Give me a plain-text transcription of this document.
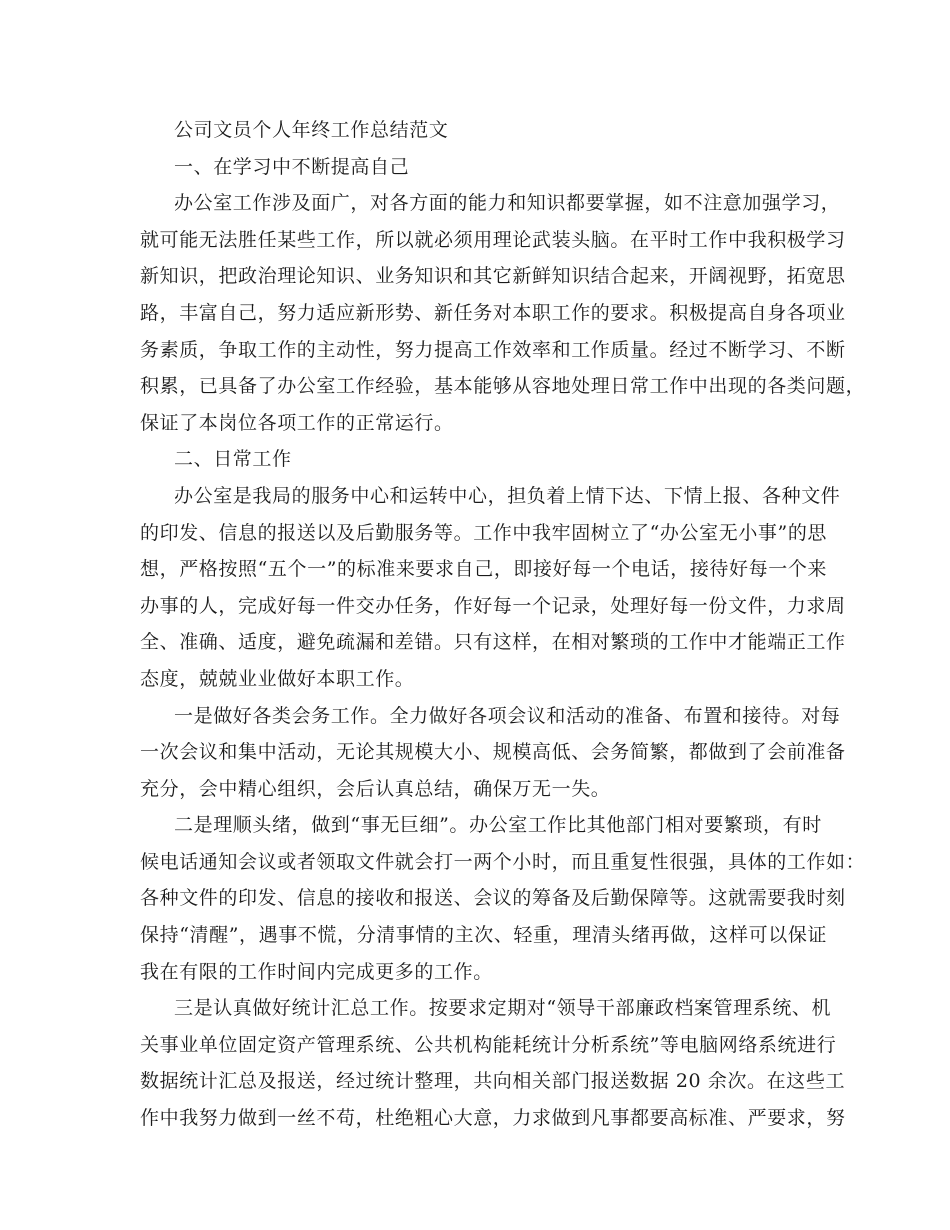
公司文员个人年终工作总结范文
一、在学习中不断提高自己
办公室工作涉及面广，对各方面的能力和知识都要掌握，如不注意加强学习，
就可能无法胜任某些工作，所以就必须用理论武装头脑。在平时工作中我积极学习
新知识，把政治理论知识、业务知识和其它新鲜知识结合起来，开阔视野，拓宽思
路，丰富自己，努力适应新形势、新任务对本职工作的要求。积极提高自身各项业
务素质，争取工作的主动性，努力提高工作效率和工作质量。经过不断学习、不断
积累，已具备了办公室工作经验，基本能够从容地处理日常工作中出现的各类问题，
保证了本岗位各项工作的正常运行。
二、日常工作
办公室是我局的服务中心和运转中心，担负着上情下达、下情上报、各种文件
的印发、信息的报送以及后勤服务等。工作中我牢固树立了“办公室无小事”的思
想，严格按照“五个一”的标准来要求自己，即接好每一个电话，接待好每一个来
办事的人，完成好每一件交办任务，作好每一个记录，处理好每一份文件，力求周
全、准确、适度，避免疏漏和差错。只有这样，在相对繁琐的工作中才能端正工作
态度，兢兢业业做好本职工作。
一是做好各类会务工作。全力做好各项会议和活动的准备、布置和接待。对每
一次会议和集中活动，无论其规模大小、规模高低、会务简繁，都做到了会前准备
充分，会中精心组织，会后认真总结，确保万无一失。
二是理顺头绪，做到“事无巨细”。办公室工作比其他部门相对要繁琐，有时
候电话通知会议或者领取文件就会打一两个小时，而且重复性很强，具体的工作如：
各种文件的印发、信息的接收和报送、会议的筹备及后勤保障等。这就需要我时刻
保持“清醒”，遇事不慌，分清事情的主次、轻重，理清头绪再做，这样可以保证
我在有限的工作时间内完成更多的工作。
三是认真做好统计汇总工作。按要求定期对“领导干部廉政档案管理系统、机
关事业单位固定资产管理系统、公共机构能耗统计分析系统”等电脑网络系统进行
数据统计汇总及报送，经过统计整理，共向相关部门报送数据 20 余次。在这些工
作中我努力做到一丝不苟，杜绝粗心大意，力求做到凡事都要高标准、严要求，努
